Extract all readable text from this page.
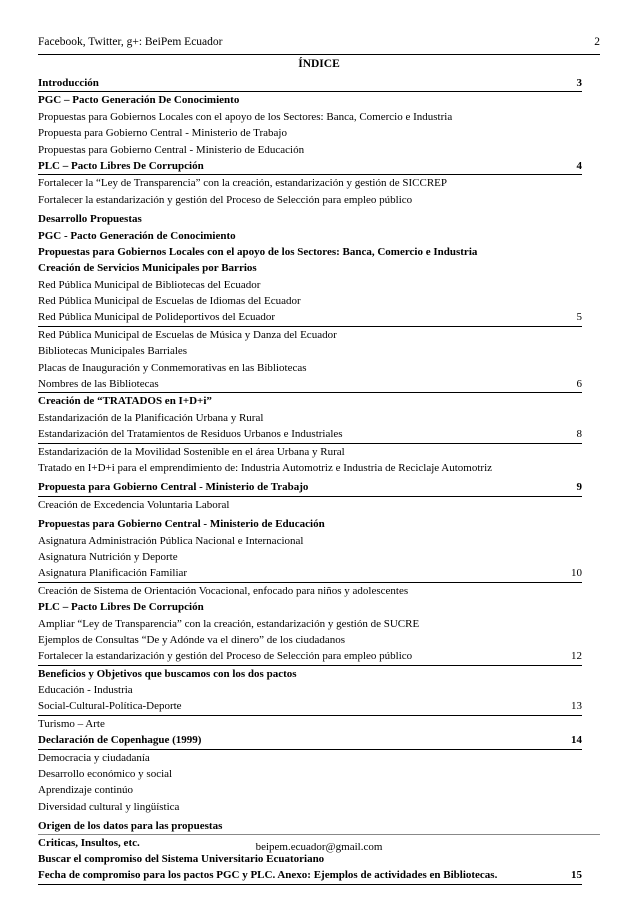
Facebook, Twitter, g+: BeiPem Ecuador	2
ÍNDICE
Introducción	3
PGC – Pacto Generación De Conocimiento
Propuestas para Gobiernos Locales con el apoyo de los Sectores: Banca, Comercio e Industria
Propuesta para Gobierno Central - Ministerio de Trabajo
Propuestas para Gobierno Central - Ministerio de Educación
PLC – Pacto Libres De Corrupción	4
Fortalecer la “Ley de Transparencia” con la creación, estandarización y gestión de SICCREP
Fortalecer la estandarización y gestión del Proceso de Selección para empleo público
Desarrollo Propuestas
PGC - Pacto Generación de Conocimiento
Propuestas para Gobiernos Locales con el apoyo de los Sectores: Banca, Comercio e Industria
Creación de Servicios Municipales por Barrios
Red Pública Municipal de Bibliotecas del Ecuador
Red Pública Municipal de Escuelas de Idiomas del Ecuador
Red Pública Municipal de Polideportivos del Ecuador	5
Red Pública Municipal de Escuelas de Música y Danza del Ecuador
Bibliotecas Municipales Barriales
Placas de Inauguración y Conmemorativas en las Bibliotecas
Nombres de las Bibliotecas	6
Creación de “TRATADOS en I+D+i”
Estandarización de la Planificación Urbana y Rural
Estandarización del Tratamientos de Residuos Urbanos e Industriales	8
Estandarización de la Movilidad Sostenible en el área Urbana y Rural
Tratado en I+D+i para el emprendimiento de: Industria Automotriz e Industria de Reciclaje Automotriz
Propuesta para Gobierno Central - Ministerio de Trabajo	9
Creación de Excedencia Voluntaria Laboral
Propuestas para Gobierno Central - Ministerio de Educación
Asignatura Administración Pública Nacional e Internacional
Asignatura Nutrición y Deporte
Asignatura Planificación Familiar	10
Creación de Sistema de Orientación Vocacional, enfocado para niños y adolescentes
PLC – Pacto Libres De Corrupción
Ampliar “Ley de Transparencia” con la creación, estandarización y gestión de SUCRE
Ejemplos de Consultas “De y Adónde va el dinero” de los ciudadanos
Fortalecer la estandarización y gestión del Proceso de Selección para empleo público	12
Beneficios y Objetivos que buscamos con los dos pactos
Educación - Industria
Social-Cultural-Política-Deporte	13
Turismo – Arte
Declaración de Copenhague (1999)	14
Democracia y ciudadanía
Desarrollo económico y social
Aprendizaje continúo
Diversidad cultural y lingüística
Origen de los datos para las propuestas
Criticas, Insultos, etc.
Buscar el compromiso del Sistema Universitario Ecuatoriano
Fecha de compromiso para los pactos PGC y PLC. Anexo: Ejemplos de actividades en Bibliotecas.	15
beipem.ecuador@gmail.com
